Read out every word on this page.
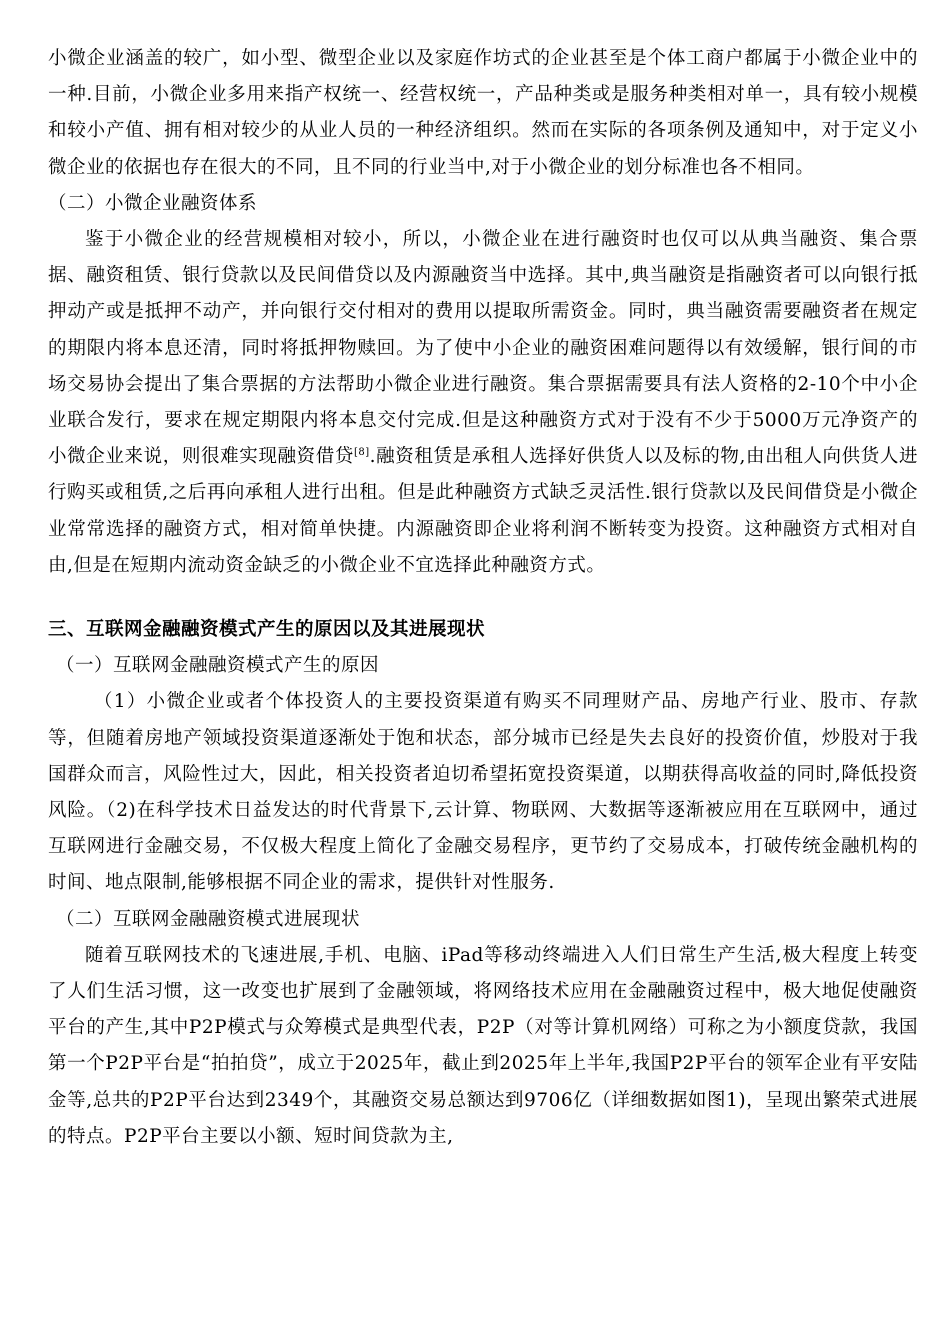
小微企业涵盖的较广，如小型、微型企业以及家庭作坊式的企业甚至是个体工商户都属于小微企业中的一种.目前，小微企业多用来指产权统一、经营权统一，产品种类或是服务种类相对单一，具有较小规模和较小产值、拥有相对较少的从业人员的一种经济组织。然而在实际的各项条例及通知中，对于定义小微企业的依据也存在很大的不同，且不同的行业当中,对于小微企业的划分标准也各不相同。

（二）小微企业融资体系

鉴于小微企业的经营规模相对较小，所以，小微企业在进行融资时也仅可以从典当融资、集合票据、融资租赁、银行贷款以及民间借贷以及内源融资当中选择。其中,典当融资是指融资者可以向银行抵押动产或是抵押不动产，并向银行交付相对的费用以提取所需资金。同时，典当融资需要融资者在规定的期限内将本息还清，同时将抵押物赎回。为了使中小企业的融资困难问题得以有效缓解，银行间的市场交易协会提出了集合票据的方法帮助小微企业进行融资。集合票据需要具有法人资格的2-10个中小企业联合发行，要求在规定期限内将本息交付完成.但是这种融资方式对于没有不少于5000万元净资产的小微企业来说，则很难实现融资借贷[8].融资租赁是承租人选择好供货人以及标的物,由出租人向供货人进行购买或租赁,之后再向承租人进行出租。但是此种融资方式缺乏灵活性.银行贷款以及民间借贷是小微企业常常选择的融资方式，相对简单快捷。内源融资即企业将利润不断转变为投资。这种融资方式相对自由,但是在短期内流动资金缺乏的小微企业不宜选择此种融资方式。

三、互联网金融融资模式产生的原因以及其进展现状

（一）互联网金融融资模式产生的原因

（1）小微企业或者个体投资人的主要投资渠道有购买不同理财产品、房地产行业、股市、存款等，但随着房地产领域投资渠道逐渐处于饱和状态，部分城市已经是失去良好的投资价值，炒股对于我国群众而言，风险性过大，因此，相关投资者迫切希望拓宽投资渠道，以期获得高收益的同时,降低投资风险。（2)在科学技术日益发达的时代背景下,云计算、物联网、大数据等逐渐被应用在互联网中，通过互联网进行金融交易，不仅极大程度上简化了金融交易程序，更节约了交易成本，打破传统金融机构的时间、地点限制,能够根据不同企业的需求，提供针对性服务.

（二）互联网金融融资模式进展现状

随着互联网技术的飞速进展,手机、电脑、iPad等移动终端进入人们日常生产生活,极大程度上转变了人们生活习惯，这一改变也扩展到了金融领域，将网络技术应用在金融融资过程中，极大地促使融资平台的产生,其中P2P模式与众筹模式是典型代表，P2P（对等计算机网络）可称之为小额度贷款，我国第一个P2P平台是“拍拍贷”，成立于2025年，截止到2025年上半年,我国P2P平台的领军企业有平安陆金等,总共的P2P平台达到2349个，其融资交易总额达到9706亿（详细数据如图1)，呈现出繁荣式进展的特点。P2P平台主要以小额、短时间贷款为主,
